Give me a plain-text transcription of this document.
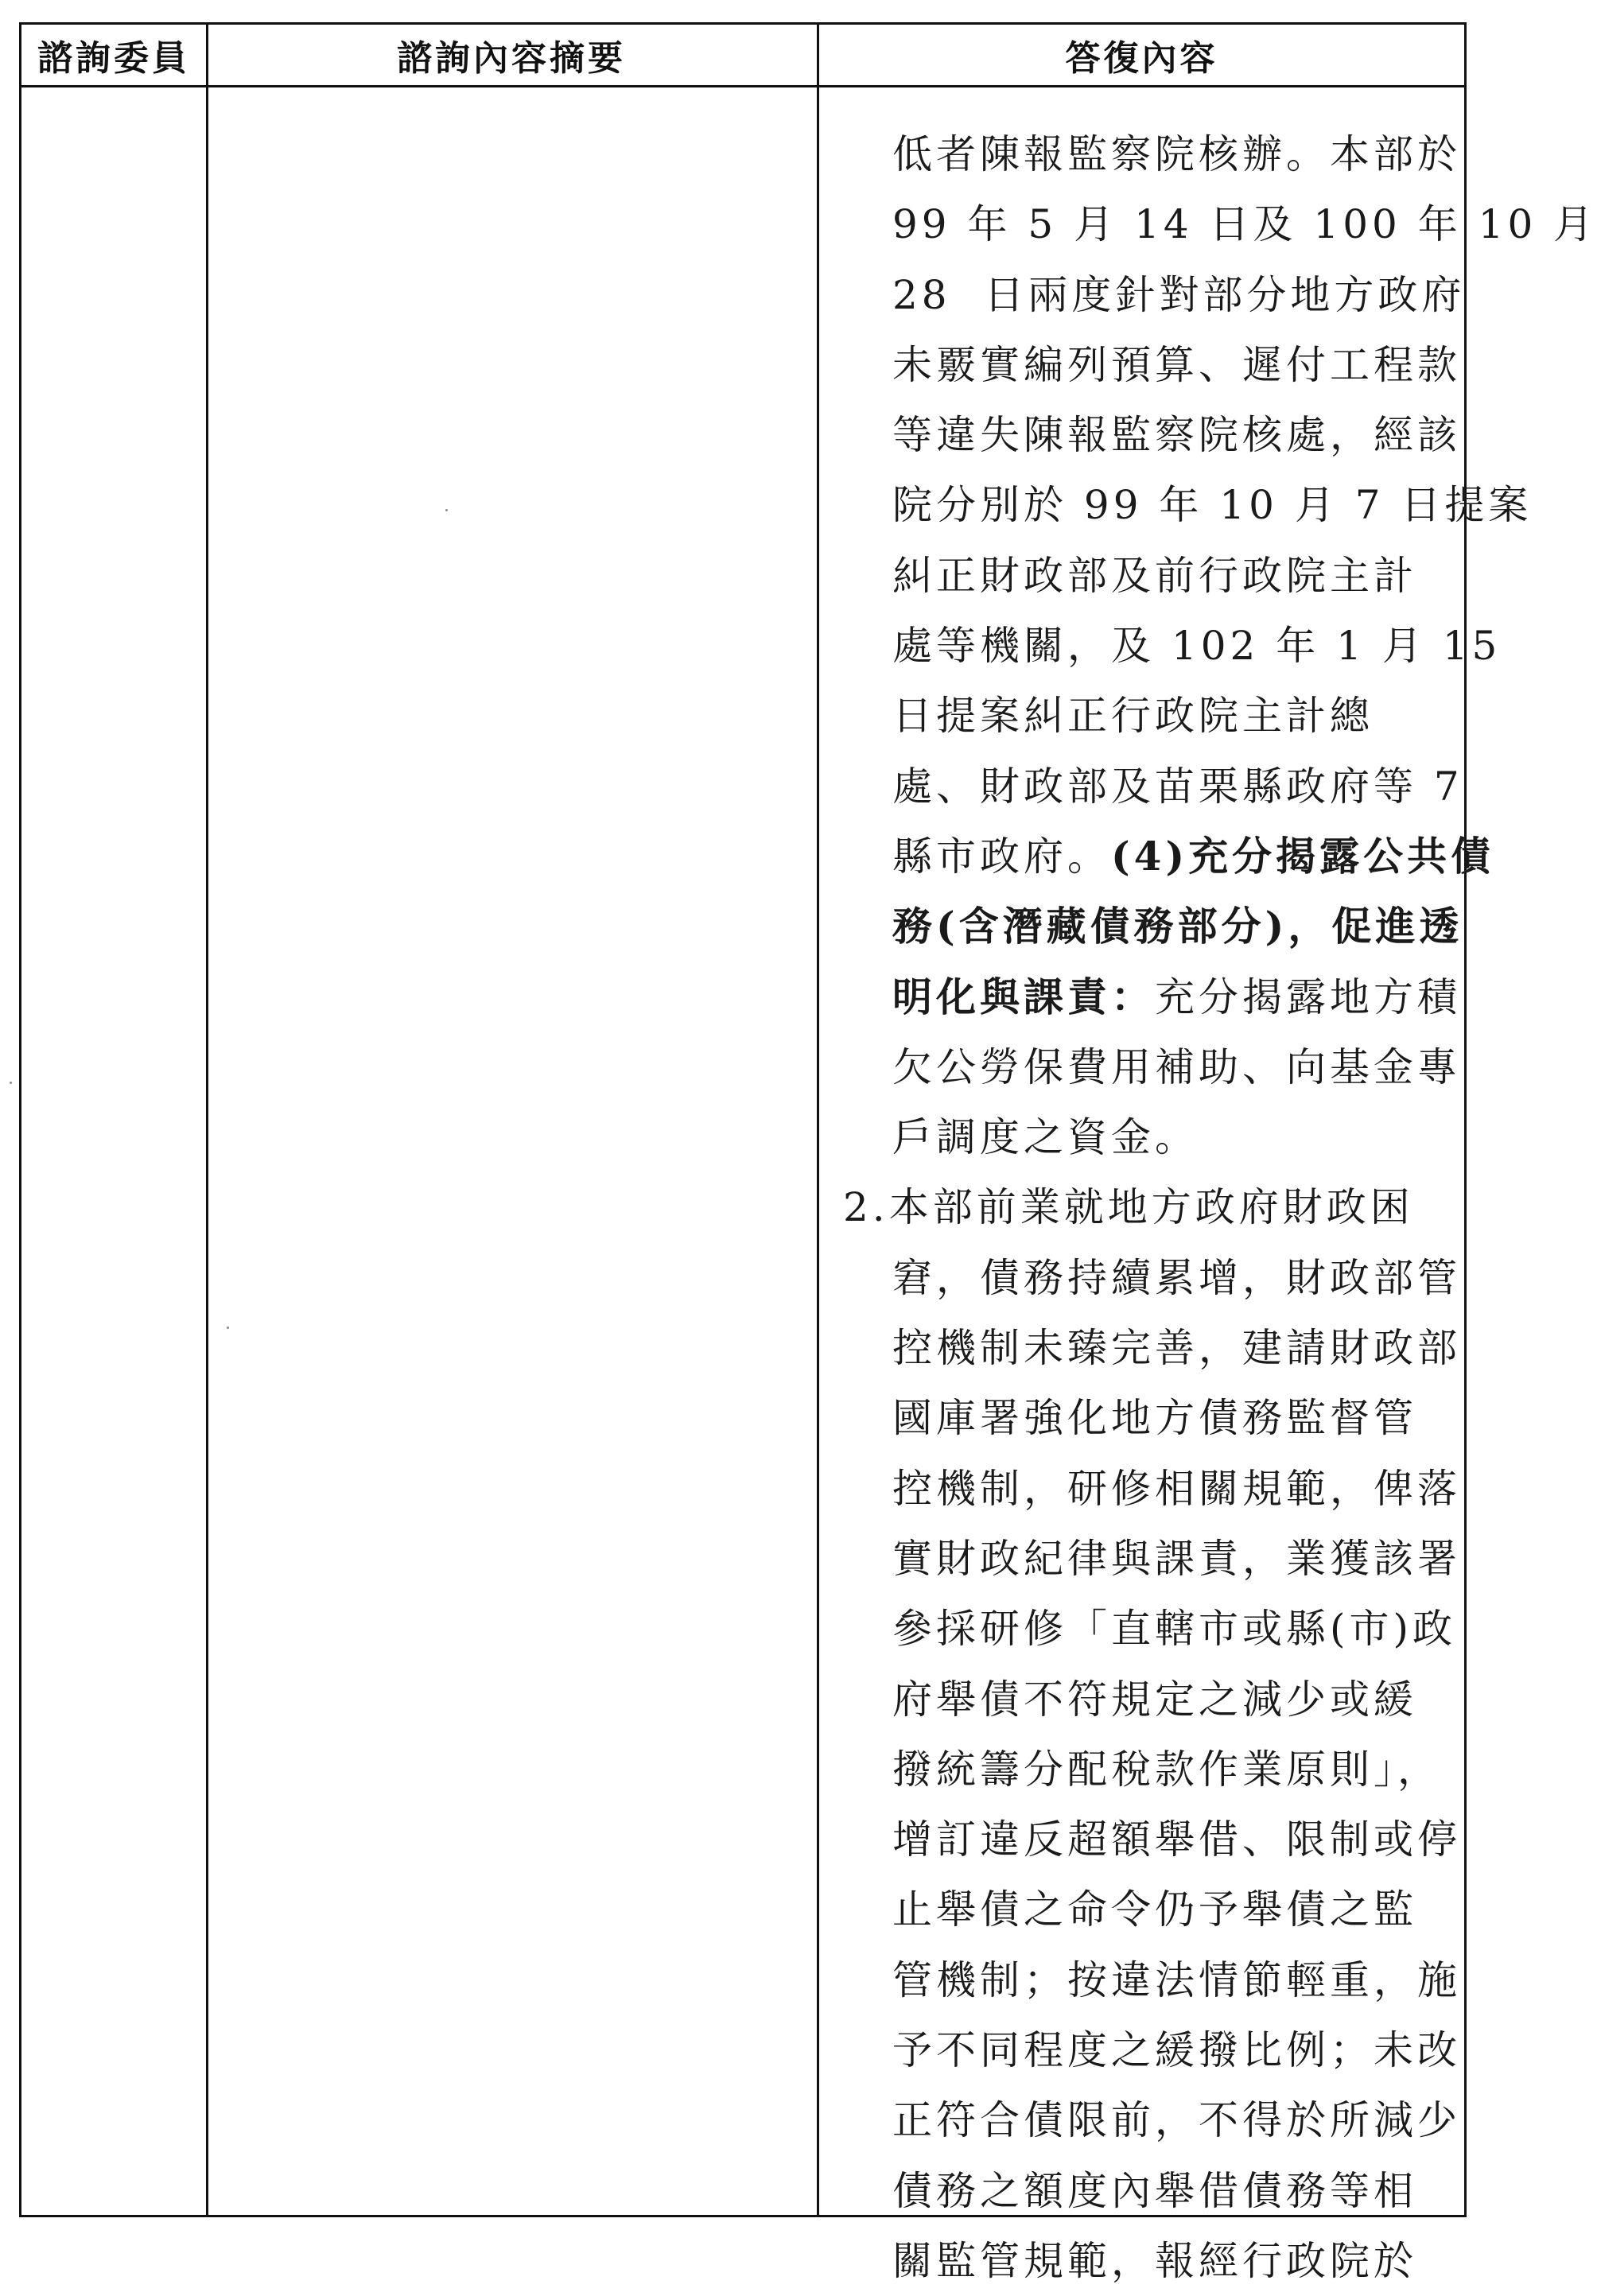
諮詢委員	諮詢內容摘要	答復內容
低者陳報監察院核辦。本部於
99 年 5 月 14 日及 100 年 10 月
28  日兩度針對部分地方政府
未覈實編列預算、遲付工程款
等違失陳報監察院核處，經該
院分別於 99 年 10 月 7 日提案
糾正財政部及前行政院主計
處等機關，及 102 年 1 月 15
日提案糾正行政院主計總
處、財政部及苗栗縣政府等 7
縣市政府。(4)充分揭露公共債
務(含潛藏債務部分)，促進透
明化與課責：充分揭露地方積
欠公勞保費用補助、向基金專
戶調度之資金。
2.本部前業就地方政府財政困
窘，債務持續累增，財政部管
控機制未臻完善，建請財政部
國庫署強化地方債務監督管
控機制，研修相關規範，俾落
實財政紀律與課責，業獲該署
參採研修「直轄市或縣(市)政
府舉債不符規定之減少或緩
撥統籌分配稅款作業原則」，
增訂違反超額舉借、限制或停
止舉債之命令仍予舉債之監
管機制；按違法情節輕重，施
予不同程度之緩撥比例；未改
正符合債限前，不得於所減少
債務之額度內舉借債務等相
關監管規範，報經行政院於
